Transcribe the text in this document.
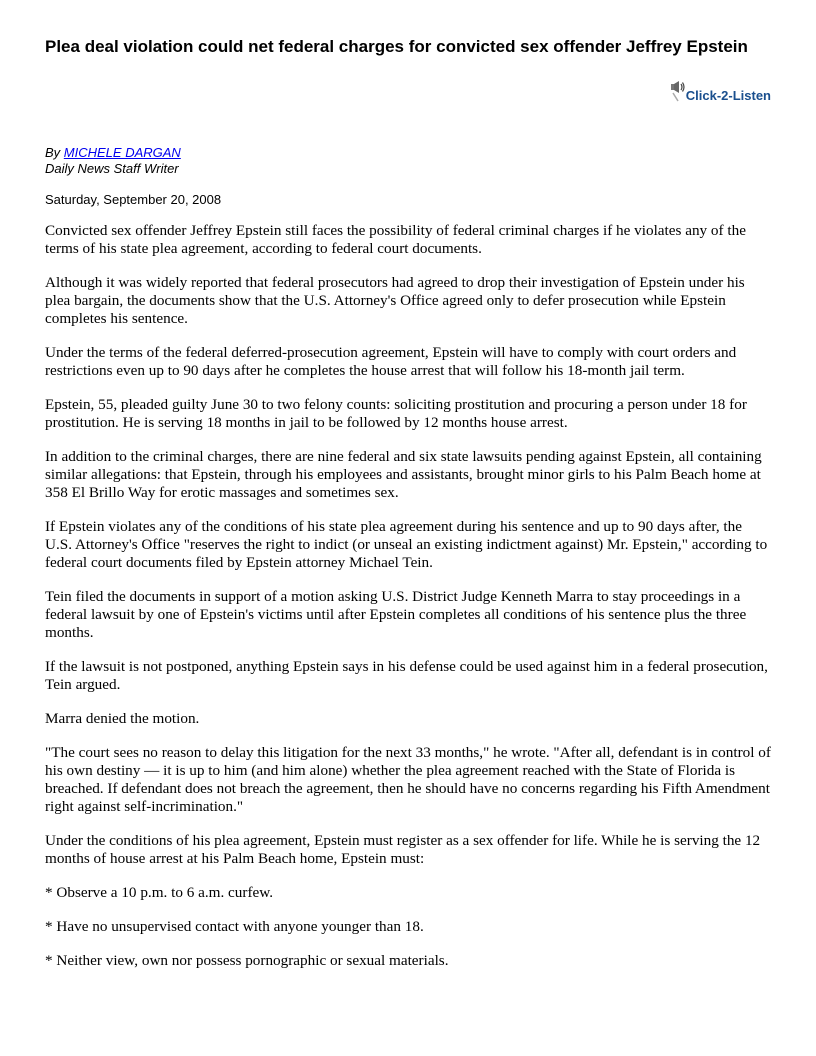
Plea deal violation could net federal charges for convicted sex offender Jeffrey Epstein
Click-2-Listen
By MICHELE DARGAN
Daily News Staff Writer
Saturday, September 20, 2008

Convicted sex offender Jeffrey Epstein still faces the possibility of federal criminal charges if he violates any of the terms of his state plea agreement, according to federal court documents.

Although it was widely reported that federal prosecutors had agreed to drop their investigation of Epstein under his plea bargain, the documents show that the U.S. Attorney's Office agreed only to defer prosecution while Epstein completes his sentence.

Under the terms of the federal deferred-prosecution agreement, Epstein will have to comply with court orders and restrictions even up to 90 days after he completes the house arrest that will follow his 18-month jail term.

Epstein, 55, pleaded guilty June 30 to two felony counts: soliciting prostitution and procuring a person under 18 for prostitution. He is serving 18 months in jail to be followed by 12 months house arrest.

In addition to the criminal charges, there are nine federal and six state lawsuits pending against Epstein, all containing similar allegations: that Epstein, through his employees and assistants, brought minor girls to his Palm Beach home at 358 El Brillo Way for erotic massages and sometimes sex.

If Epstein violates any of the conditions of his state plea agreement during his sentence and up to 90 days after, the U.S. Attorney's Office "reserves the right to indict (or unseal an existing indictment against) Mr. Epstein," according to federal court documents filed by Epstein attorney Michael Tein.

Tein filed the documents in support of a motion asking U.S. District Judge Kenneth Marra to stay proceedings in a federal lawsuit by one of Epstein's victims until after Epstein completes all conditions of his sentence plus the three months.

If the lawsuit is not postponed, anything Epstein says in his defense could be used against him in a federal prosecution, Tein argued.

Marra denied the motion.

"The court sees no reason to delay this litigation for the next 33 months," he wrote. "After all, defendant is in control of his own destiny — it is up to him (and him alone) whether the plea agreement reached with the State of Florida is breached. If defendant does not breach the agreement, then he should have no concerns regarding his Fifth Amendment right against self-incrimination."

Under the conditions of his plea agreement, Epstein must register as a sex offender for life. While he is serving the 12 months of house arrest at his Palm Beach home, Epstein must:

* Observe a 10 p.m. to 6 a.m. curfew.

* Have no unsupervised contact with anyone younger than 18.

* Neither view, own nor possess pornographic or sexual materials.
